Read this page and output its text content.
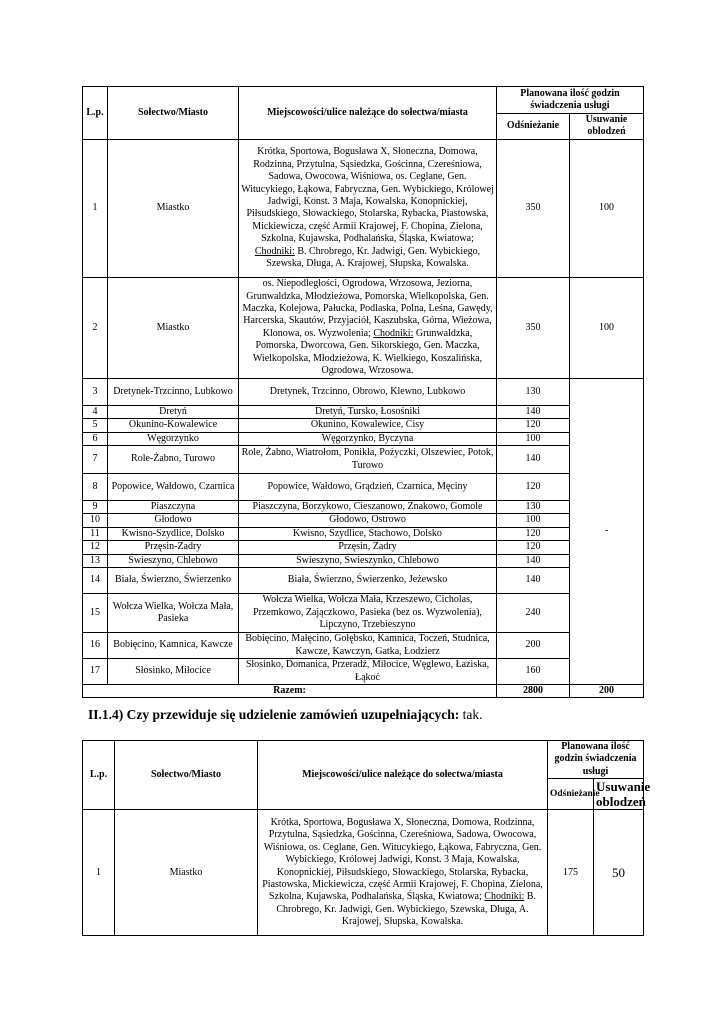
L.p.	Sołectwo/Miasto	Miejscowości/ulice należące do sołectwa/miasta	Planowana ilość godzin świadczenia usługi	
			Odśnieżanie	Usuwanie oblodzeń
1	Miastko	Krótka, Sportowa, Bogusława X, Słoneczna, Domowa, Rodzinna, Przytulna, Sąsiedzka, Gościnna, Czereśniowa, Sadowa, Owocowa, Wiśniowa, os. Ceglane, Gen. Witucykiego, Łąkowa, Fabryczna, Gen. Wybickiego, Królowej Jadwigi, Konst. 3 Maja, Kowalska, Konopnickiej, Piłsudskiego, Słowackiego, Stolarska, Rybacka, Piastowska, Mickiewicza, część Armii Krajowej, F. Chopina, Zielona, Szkolna, Kujawska, Podhalańska, Śląska, Kwiatowa; Chodniki: B. Chrobrego, Kr. Jadwigi, Gen. Wybickiego, Szewska, Długa, A. Krajowej, Słupska, Kowalska.	350	100
2	Miastko	os. Niepodległości, Ogrodowa, Wrzosowa, Jeziorna, Grunwaldzka, Młodzieżowa, Pomorska, Wielkopolska, Gen. Maczka, Kolejowa, Pałucka, Podlaska, Polna, Leśna, Gawędy, Harcerska, Skautów, Przyjaciół, Kaszubska, Górna, Wieżowa, Klonowa, os. Wyzwolenia; Chodniki: Grunwaldzka, Pomorska, Dworcowa, Gen. Sikorskiego, Gen. Maczka, Wielkopolska, Młodzieżowa, K. Wielkiego, Koszalińska, Ogrodowa, Wrzosowa.	350	100
3	Dretynek-Trzcinno, Lubkowo	Dretynek, Trzcinno, Obrowo, Klewno, Lubkowo	130	-
4	Dretyń	Dretyń, Tursko, Łosośniki	140	
5	Okunino-Kowalewice	Okunino, Kowalewice, Cisy	120	
6	Węgorzynko	Węgorzynko, Byczyna	100	
7	Role-Żabno, Turowo	Role, Żabno, Wiatrołom, Ponikła, Pożyczki, Olszewiec, Potok, Turowo	140	
8	Popowice, Wałdowo, Czarnica	Popowice, Wałdowo, Grądzień, Czarnica, Męciny	120	
9	Piaszczyna	Piaszczyna, Borzykowo, Cieszanowo, Znakowo, Gomole	130	
10	Głodowo	Głodowo, Ostrowo	100	
11	Kwisno-Szydlice, Dolsko	Kwisno, Szydlice, Stachowo, Dolsko	120	
12	Przęsin-Zadry	Przęsin, Zadry	120	
13	Świeszyno, Chlebowo	Świeszyno, Świeszynko, Chlebowo	140	
14	Biała, Świerzno, Świerzenko	Biała, Świerzno, Świerzenko, Jeżewsko	140	
15	Wołcza Wielka, Wołcza Mała, Pasieka	Wołcza Wielka, Wołcza Mała, Krzeszewo, Cicholas, Przemkowo, Zajączkowo, Pasieka (bez os. Wyzwolenia), Lipczyno, Trzebieszyno	240	
16	Bobięcino, Kamnica, Kawcze	Bobięcino, Małęcino, Gołębsko, Kamnica, Toczeń, Studnica, Kawcze, Kawczyn, Gatka, Łodzierz	200	
17	Słosinko, Miłocice	Słosinko, Domanica, Przeradź, Miłocice, Węglewo, Łaziska, Łąkoć	160	
Razem:			2800	200
II.1.4) Czy przewiduje się udzielenie zamówień uzupełniających: tak.
L.p.	Sołectwo/Miasto	Miejscowości/ulice należące do sołectwa/miasta	Planowana ilość godzin świadczenia usługi	
			Odśnieżanie	Usuwanie oblodzeń
1	Miastko	Krótka, Sportowa, Bogusława X, Słoneczna, Domowa, Rodzinna, Przytulna, Sąsiedzka, Gościnna, Czereśniowa, Sadowa, Owocowa, Wiśniowa, os. Ceglane, Gen. Witucykiego, Łąkowa, Fabryczna, Gen. Wybickiego, Królowej Jadwigi, Konst. 3 Maja, Kowalska, Konopnickiej, Piłsudskiego, Słowackiego, Stolarska, Rybacka, Piastowska, Mickiewicza, część Armii Krajowej, F. Chopina, Zielona, Szkolna, Kujawska, Podhalańska, Śląska, Kwiatowa; Chodniki: B. Chrobrego, Kr. Jadwigi, Gen. Wybickiego, Szewska, Długa, A. Krajowej, Słupska, Kowalska.	175	50
